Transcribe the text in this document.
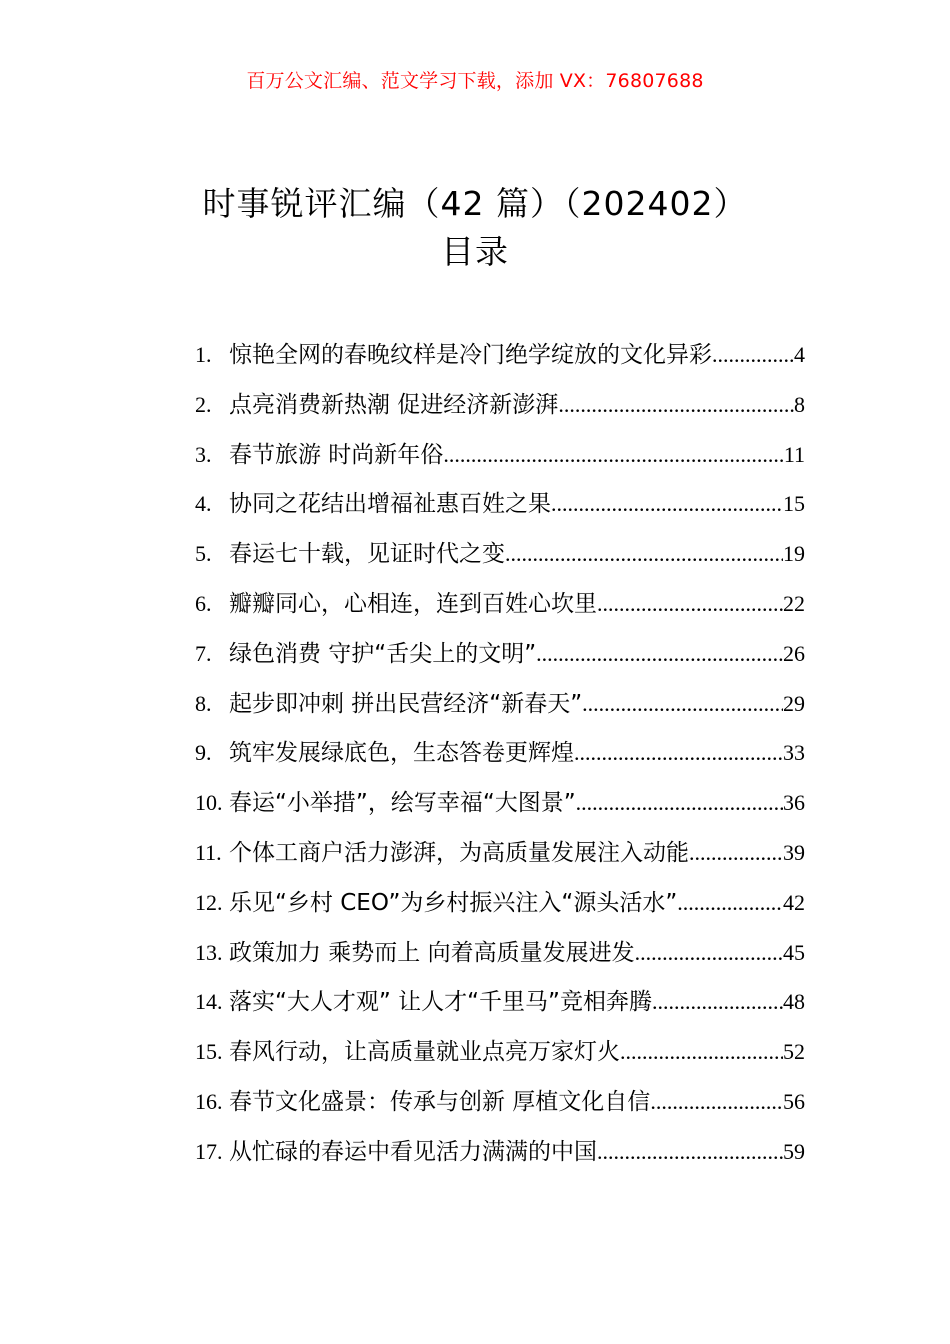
百万公文汇编、范文学习下载，添加 VX：76807688
时事锐评汇编（42 篇）（202402）
目录
1. 惊艳全网的春晚纹样是冷门绝学绽放的文化异彩 .....	4
2. 点亮消费新热潮 促进经济新澎湃 .....	8
3. 春节旅游 时尚新年俗 .....	11
4. 协同之花结出增福祉惠百姓之果 .....	15
5. 春运七十载，见证时代之变 .....	19
6. 瓣瓣同心，心相连，连到百姓心坎里 .....	22
7. 绿色消费 守护“舌尖上的文明” .....	26
8. 起步即冲刺 拼出民营经济“新春天” .....	29
9. 筑牢发展绿底色，生态答卷更辉煌 .....	33
10. 春运“小举措”，绘写幸福“大图景” .....	36
11. 个体工商户活力澎湃，为高质量发展注入动能 .....	39
12. 乐见“乡村 CEO”为乡村振兴注入“源头活水” .....	42
13. 政策加力 乘势而上 向着高质量发展进发 .....	45
14. 落实“大人才观” 让人才“千里马”竞相奔腾 .....	48
15. 春风行动，让高质量就业点亮万家灯火 .....	52
16. 春节文化盛景：传承与创新 厚植文化自信 .....	56
17. 从忙碌的春运中看见活力满满的中国 .....	59
